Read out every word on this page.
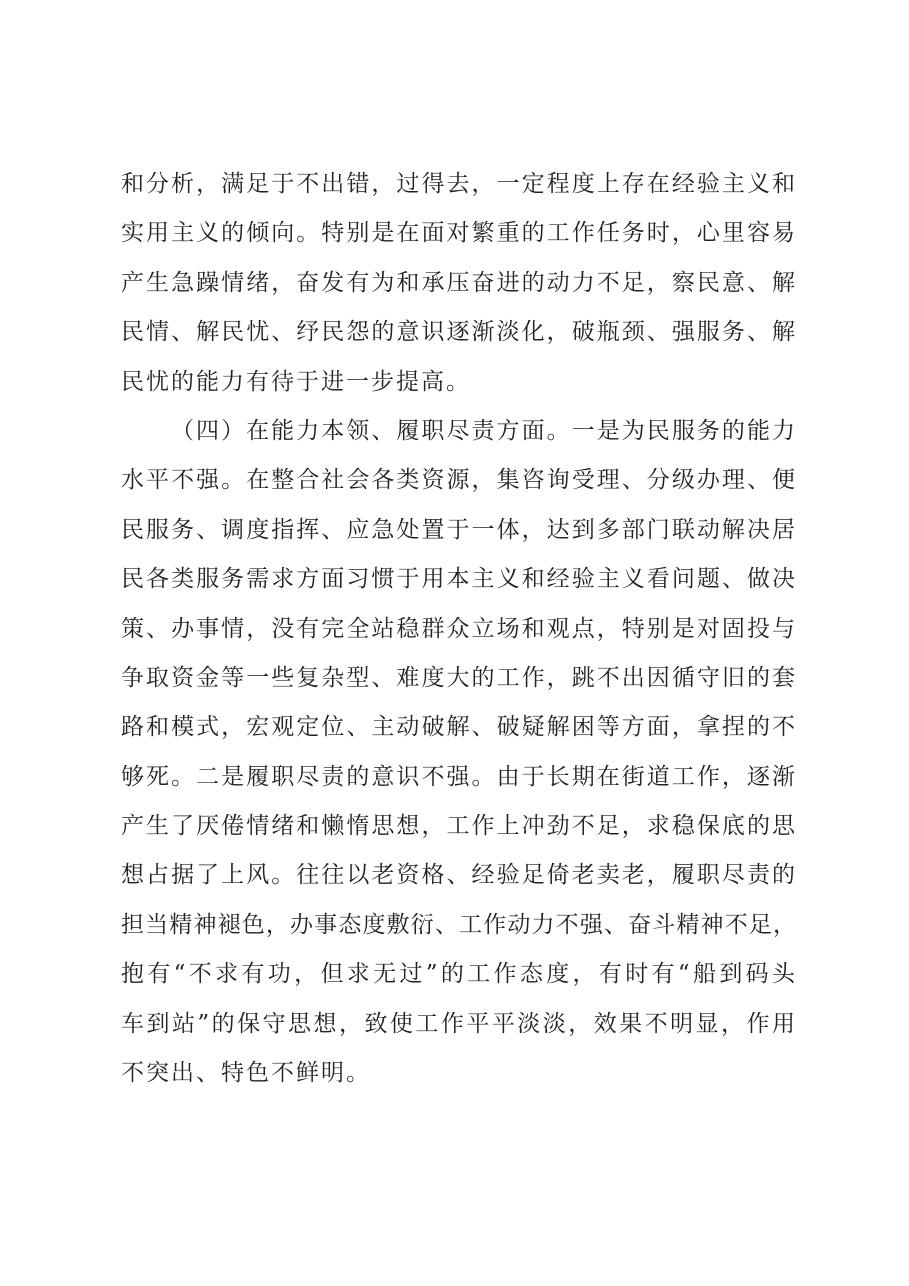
和分析，满足于不出错，过得去，一定程度上存在经验主义和
实用主义的倾向。特别是在面对繁重的工作任务时，心里容易
产生急躁情绪，奋发有为和承压奋进的动力不足，察民意、解
民情、解民忧、纾民怨的意识逐渐淡化，破瓶颈、强服务、解
民忧的能力有待于进一步提高。
（四）在能力本领、履职尽责方面。一是为民服务的能力
水平不强。在整合社会各类资源，集咨询受理、分级办理、便
民服务、调度指挥、应急处置于一体，达到多部门联动解决居
民各类服务需求方面习惯于用本主义和经验主义看问题、做决
策、办事情，没有完全站稳群众立场和观点，特别是对固投与
争取资金等一些复杂型、难度大的工作，跳不出因循守旧的套
路和模式，宏观定位、主动破解、破疑解困等方面，拿捏的不
够死。二是履职尽责的意识不强。由于长期在街道工作，逐渐
产生了厌倦情绪和懒惰思想，工作上冲劲不足，求稳保底的思
想占据了上风。往往以老资格、经验足倚老卖老，履职尽责的
担当精神褪色，办事态度敷衍、工作动力不强、奋斗精神不足，
抱有“不求有功，但求无过”的工作态度，有时有“船到码头
车到站”的保守思想，致使工作平平淡淡，效果不明显，作用
不突出、特色不鲜明。
